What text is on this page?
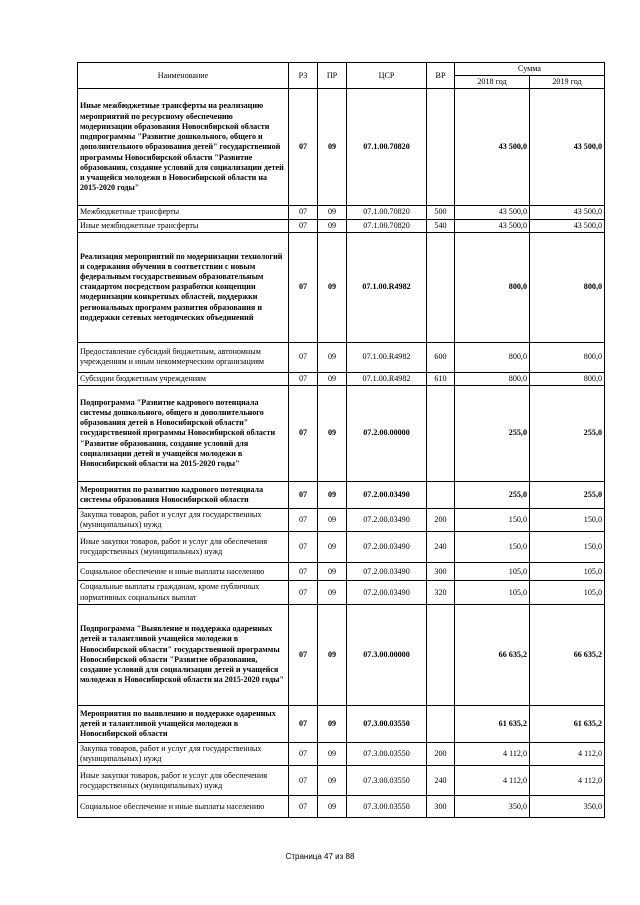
Наименование	РЗ	ПР	ЦСР	ВР	Сумма	
					2018 год	2019 год
Иные межбюджетные трансферты на реализацию мероприятий по ресурсному обеспечению модернизации образования Новосибирской области подпрограммы "Развитие дошкольного, общего и дополнительного образования детей" государственной программы Новосибирской области "Развитие образования, создание условий для социализации детей и учащейся молодежи в Новосибирской области на 2015-2020 годы"	07	09	07.1.00.70820		43 500,0	43 500,0
Межбюджетные трансферты	07	09	07.1.00.70820	500	43 500,0	43 500,0
Иные межбюджетные трансферты	07	09	07.1.00.70820	540	43 500,0	43 500,0
Реализация мероприятий по модернизации технологий и содержания обучения в соответствии с новым федеральным государственным образовательным стандартом посредством разработки концепции модернизации конкретных областей, поддержки региональных программ развития образования и поддержки сетевых методических объединений	07	09	07.1.00.R4982		800,0	800,0
Предоставление субсидий бюджетным, автономным учреждениям и иным некоммерческим организациям	07	09	07.1.00.R4982	600	800,0	800,0
Субсидии бюджетным учреждениям	07	09	07.1.00.R4982	610	800,0	800,0
Подпрограмма "Развитие кадрового потенциала системы дошкольного, общего и дополнительного образования детей в Новосибирской области" государственной программы Новосибирской области "Развитие образования, создание условий для социализации детей и учащейся молодежи в Новосибирской области на 2015-2020 годы"	07	09	07.2.00.00000		255,0	255,0
Мероприятия по развитию кадрового потенциала системы образования Новосибирской области	07	09	07.2.00.03490		255,0	255,0
Закупка товаров, работ и услуг для государственных (муниципальных) нужд	07	09	07.2.00.03490	200	150,0	150,0
Иные закупки товаров, работ и услуг для обеспечения государственных (муниципальных) нужд	07	09	07.2.00.03490	240	150,0	150,0
Социальное обеспечение и иные выплаты населению	07	09	07.2.00.03490	300	105,0	105,0
Социальные выплаты гражданам, кроме публичных нормативных социальных выплат	07	09	07.2.00.03490	320	105,0	105,0
Подпрограмма "Выявление и поддержка одаренных детей и талантливой учащейся молодежи в Новосибирской области" государственной программы Новосибирской области "Развитие образования, создание условий для социализации детей и учащейся молодежи в Новосибирской области на 2015-2020 годы"	07	09	07.3.00.00000		66 635,2	66 635,2
Мероприятия по выявлению и поддержке одаренных детей и талантливой учащейся молодежи в Новосибирской области	07	09	07.3.00.03550		61 635,2	61 635,2
Закупка товаров, работ и услуг для государственных (муниципальных) нужд	07	09	07.3.00.03550	200	4 112,0	4 112,0
Иные закупки товаров, работ и услуг для обеспечения государственных (муниципальных) нужд	07	09	07.3.00.03550	240	4 112,0	4 112,0
Социальное обеспечение и иные выплаты населению	07	09	07.3.00.03550	300	350,0	350,0
Страница 47 из 88
